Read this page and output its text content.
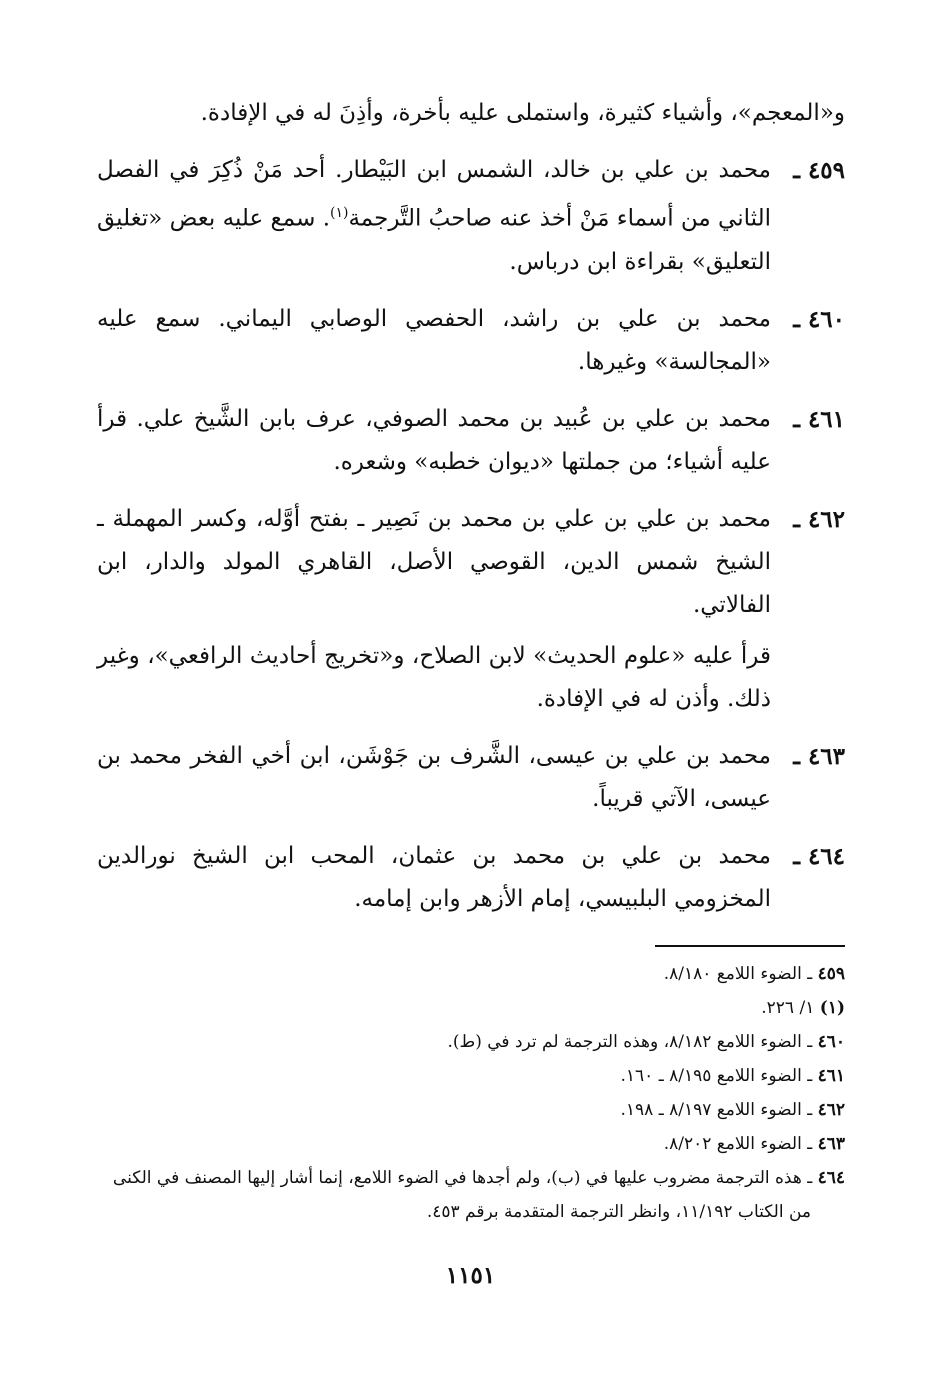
و«المعجم»، وأشياء كثيرة، واستملى عليه بأخرة، وأذِنَ له في الإفادة.

٤٥٩ ـ

محمد بن علي بن خالد، الشمس ابن البَيْطار. أحد مَنْ ذُكِرَ في الفصل الثاني من أسماء مَنْ أخذ عنه صاحبُ التَّرجمة$^{(١)}$. سمع عليه بعض «تغليق التعليق» بقراءة ابن درباس.

٤٦٠ ـ

محمد بن علي بن راشد، الحفصي الوصابي اليماني. سمع عليه «المجالسة» وغيرها.

٤٦١ ـ

محمد بن علي بن عُبيد بن محمد الصوفي، عرف بابن الشَّيخ علي. قرأ عليه أشياء؛ من جملتها «ديوان خطبه» وشعره.

٤٦٢ ـ

محمد بن علي بن علي بن محمد بن نَصِير ـ بفتح أوَّله، وكسر المهملة ـ الشيخ شمس الدين، القوصي الأصل، القاهري المولد والدار، ابن الفالاتي.

قرأ عليه «علوم الحديث» لابن الصلاح، و«تخريج أحاديث الرافعي»، وغير ذلك. وأذن له في الإفادة.

٤٦٣ ـ

محمد بن علي بن عيسى، الشَّرف بن جَوْشَن، ابن أخي الفخر محمد بن عيسى، الآتي قريباً.

٤٦٤ ـ

محمد بن علي بن محمد بن عثمان، المحب ابن الشيخ نورالدين المخزومي البلبيسي، إمام الأزهر وابن إمامه.

٤٥٩ ـ الضوء اللامع ٨/١٨٠.

(١) ١/ ٢٢٦.

٤٦٠ ـ الضوء اللامع ٨/١٨٢، وهذه الترجمة لم ترد في (ط).

٤٦١ ـ الضوء اللامع ٨/١٩٥ ـ ١٦٠.

٤٦٢ ـ الضوء اللامع ٨/١٩٧ ـ ١٩٨.

٤٦٣ ـ الضوء اللامع ٨/٢٠٢.

٤٦٤ ـ هذه الترجمة مضروب عليها في (ب)، ولم أجدها في الضوء اللامع، إنما أشار إليها المصنف في الكنى من الكتاب ١١/١٩٢، وانظر الترجمة المتقدمة برقم ٤٥٣.

١١٥١
